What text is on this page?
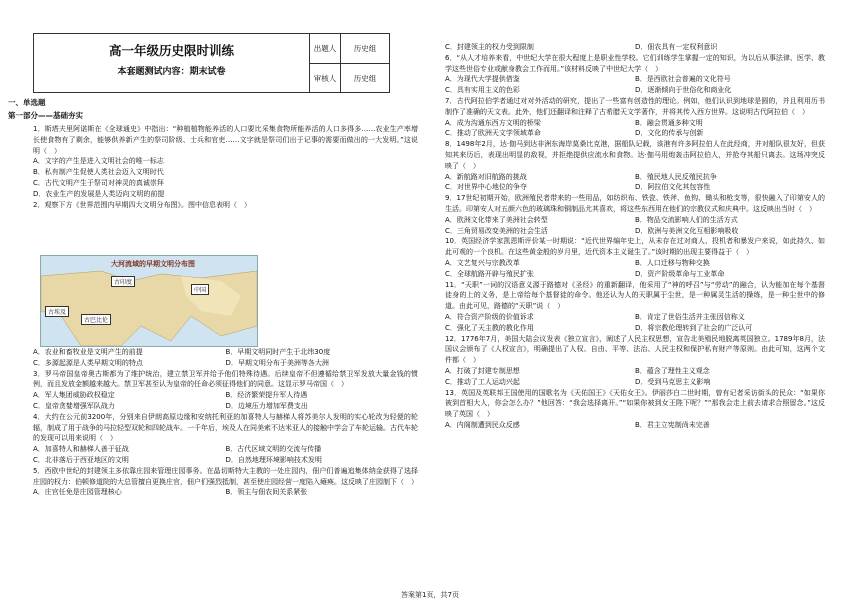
高一年级历史限时训练
本套题测试内容：期末试卷
出题人	历史组
审核人	历史组
一、单选题
第一部分——基础夯实
1．斯塔夫里阿诺斯在《全球通史》中指出：“种植植物能养活的人口要比采集食物所能养活的人口多得多……农业生产率增长使食物有了剩余，能够供养新产生的祭司阶级、士兵和官吏……文字就是祭司们出于记事的需要而做出的一大发明。”这说明（　）
A．文字的产生是进入文明社会的唯一标志
B．私有制产生促使人类社会迈入文明时代
C．古代文明产生于祭司对神灵的真诚崇拜
D．农业生产的发展是人类迈向文明的前提
2．观察下方《世界范围内早期四大文明分布图》。图中信息表明（　）
大河流域的早期文明分布图
古印度
中国
古埃及
古巴比伦
A．农业和畜牧业是文明产生的前提	B．早期文明同时产生于北纬30度
C．多源起源是人类早期文明的特点	D．早期文明分布于美洲等各大洲
3．罗马帝国皇帝奥古斯都为了维护统治，建立禁卫军并给予他们特殊待遇。后续皇帝不但遵循给禁卫军发放大量金钱的惯例，而且发放金额越来越大。禁卫军甚至认为皇帝的任命必须征得他们的同意。这显示罗马帝国（　）
A．军人集团威胁政权稳定	B．经济繁荣提升军人待遇
C．皇帝贪婪增强军队战力	D．边境压力增加军费支出
4．大约在公元前3200年，分别来自伊朗高原边缘和安纳托利亚的加喜特人与赫梯人将苏美尔人发明的实心轮改为轻便的轮辐，制成了用于战争的马拉轻型双轮和四轮战车。一千年后，埃及人在同美索不达米亚人的接触中学会了车轮运输。古代车轮的发现可以用来说明（　）
A．加喜特人和赫梯人善于征战	B．古代区域文明的交流与传播
C．北非落后于西亚地区的文明	D．自然地理环境影响技术发明
5．西欧中世纪的封建领主多依靠庄园来管理庄园事务。在晶切斯特大主教的一处庄园内，佃户们普遍追集体纳金获得了选择庄园的权力：伯顿修道院的大总管擅自更换庄官，佃户们强烈抵制，甚至使庄园经营一度陷入瘫痪。这反映了庄园制下（　）
A．庄官任免是庄园管理核心	B．领主与佃农间关系紧张
C．封建领主的权力受到限制	D．佃农具有一定权利意识
6．“从人才培养来看，中世纪大学在很大程度上是职业性学校。它们训练学生掌握一定的知识，为以后从事法律、医学、教学这些世俗专业或献身教会工作而用。”该材料反映了中世纪大学（　）
A．为现代大学提供借鉴	B．是西欧社会普遍的文化符号
C．具有实用主义的色彩	D．逐渐倾向于世俗化和商业化
7．古代阿拉伯学者通过对对外活动的研究，提出了一些富有创造性的理论。例如，他们认识到地球是圆的，并且利用历书制作了准确的天文表。此外，他们还翻译和注释了古希腊天文学著作，并将其传入西方世界。这说明古代阿拉伯（　）
A．成为沟通东西方文明的桥梁	B．融会贯通多种文明
C．推动了欧洲天文学领域革命	D．文化的传承与创新
8．1498年2月，达·伽马到达非洲东海岸莫桑比克港，据船队记载，该港有许多阿拉伯人在此经商，并对船队很友好，但获知其来历后，表现出明显的敌视，并拒绝提供应流水和食物。达·伽马用炮轰击阿拉伯人，并抢夺其船只离去。这场冲突反映了（　）
A．新航路对旧航路的挑战	B．殖民地人民反殖民抗争
C．对世界中心地位的争夺	D．阿拉伯文化其包容性
9．17世纪初期开始，欧洲殖民者带来的一些用品，如纺织布、铁瓷、铁斧、鱼钩、锄头和枪支等，很快融入了印第安人的生活。印第安人对五颜六色的玻璃珠和铜制品尤其喜欢，将这些东西用在他们的宗教仪式和庆典中。这反映出当时（　）
A．欧洲文化带来了美洲社会转型	B．物品交流影响人们的生活方式
C．三角贸易改变美洲的社会生活	D．欧洲与美洲文化互相影响吸收
10．英国经济学家凯恩斯评价某一时期说：“近代世界编年史上，从未存在过对商人、投机者和暴发户来说，如此持久、如此可观的一个良机。在这些黄金般的岁月里，近代资本主义诞生了。”该时期的出现主要得益于（　）
A．文艺复兴与宗教改革	B．人口迁移与物种交换
C．全球航路开辟与殖民扩张	D．资产阶级革命与工业革命
11．“天职”一词的汉语意义源于路德对《圣经》的重新翻译，他采用了“神的呼召”与“劳动”的融合，认为能加在每个基督徒身的上的义务，是上帝给每个基督徒的命令。他还认为人的天职属于尘世，是一种属灵生活的操练，是一种尘世中的修道。由此可见，路德的“天职”说（　）
A．符合资产阶级的价值诉求	B．肯定了世俗生活并主张因信称义
C．强化了天主教的教化作用	D．将宗教伦理转到了社会的广泛认可
12．1776年7月，美国大陆会议发表《独立宣言》，阐述了人民主权思想，宣告北美殖民地脱离英国独立。1789年8月，法国议会颁布了《人权宣言》，明确提出了人权、自由、平等、法治、人民主权和保护私有财产等原则。由此可知，这两个文件都（　）
A．打破了封建专制思想	B．蕴含了理性主义观念
C．推动了工人运动兴起	D．受到马克思主义影响
13．英国及英联邦王国使用的国歌名为《天佑国王》《天佑女王》。伊丽莎白二世时期，曾有记者采访街头的民众：“如果你被到首相大人，你会怎么办？”他回答：“我会选择离开。”“如果你被到女王陛下呢？”“那我会走上前去请求合照留念。”这反映了英国（　）
A．内阁制遭到民众反感	B．君主立宪制尚未完善
答案第1页，共7页
